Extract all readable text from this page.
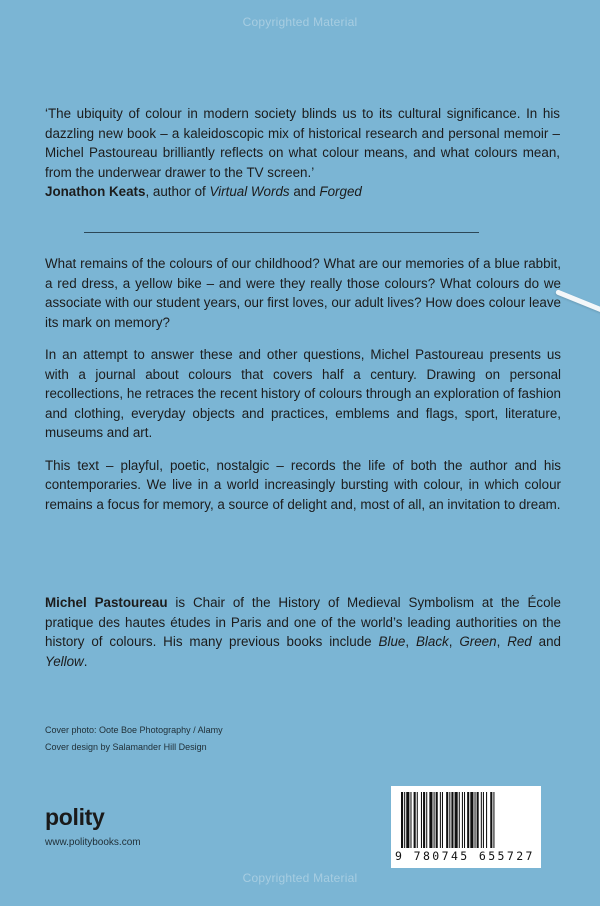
Copyrighted Material

‘The ubiquity of colour in modern society blinds us to its cultural significance. In his dazzling new book – a kaleidoscopic mix of historical research and personal memoir – Michel Pastoureau brilliantly reflects on what colour means, and what colours mean, from the underwear drawer to the TV screen.’

Jonathon Keats, author of Virtual Words and Forged

What remains of the colours of our childhood? What are our memories of a blue rabbit, a red dress, a yellow bike – and were they really those colours? What colours do we associate with our student years, our first loves, our adult lives? How does colour leave its mark on memory?

In an attempt to answer these and other questions, Michel Pastoureau presents us with a journal about colours that covers half a century. Drawing on personal recollections, he retraces the recent history of colours through an exploration of fashion and clothing, everyday objects and practices, emblems and flags, sport, literature, museums and art.

This text – playful, poetic, nostalgic – records the life of both the author and his contemporaries. We live in a world increasingly bursting with colour, in which colour remains a focus for memory, a source of delight and, most of all, an invitation to dream.

Michel Pastoureau is Chair of the History of Medieval Symbolism at the École pratique des hautes études in Paris and one of the world’s leading authorities on the history of colours. His many previous books include Blue, Black, Green, Red and Yellow.

Cover photo: Oote Boe Photography / Alamy
Cover design by Salamander Hill Design
polity
www.politybooks.com
9 780745 655727
Copyrighted Material
